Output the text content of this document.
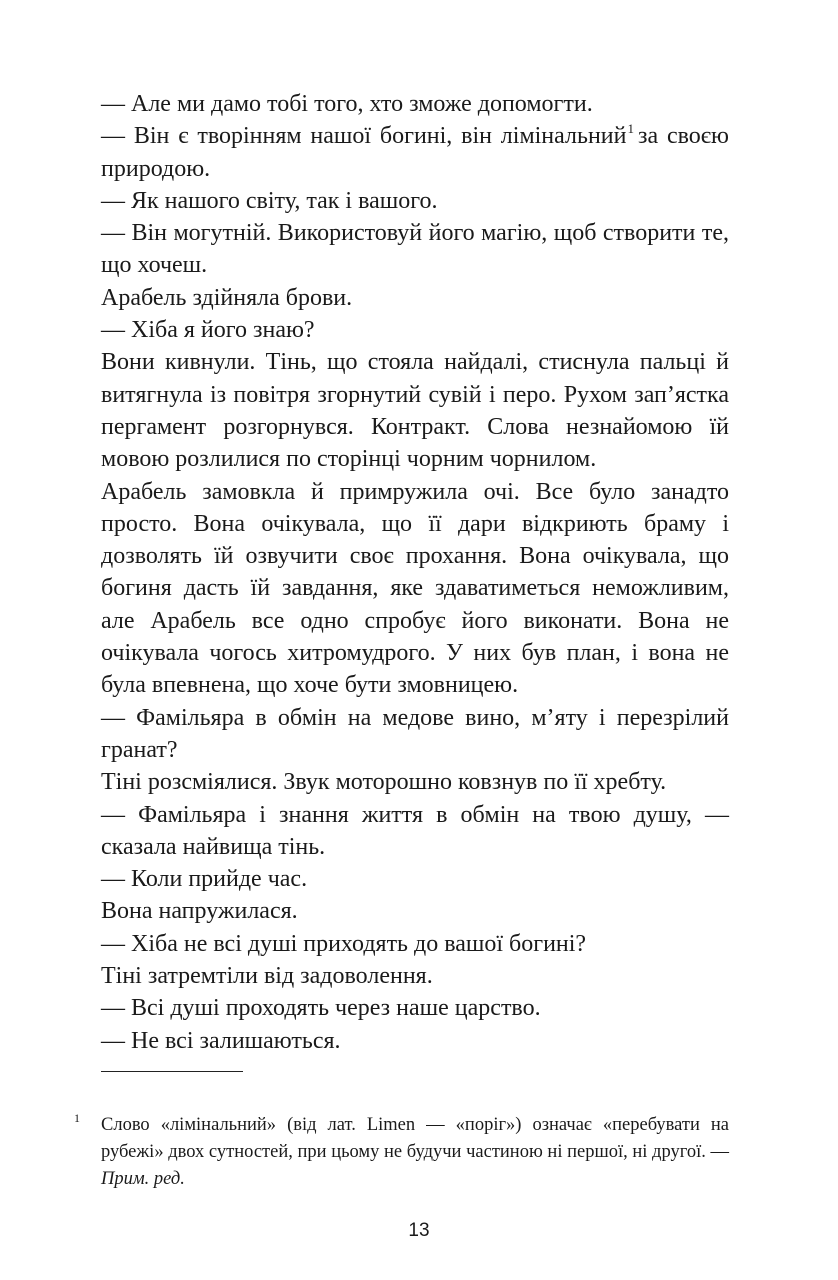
— Але ми дамо тобі того, хто зможе допомогти.

— Він є творінням нашої богині, він лімінальний$^1$ за своєю природою.

— Як нашого світу, так і вашого.

— Він могутній. Використовуй його магію, щоб створити те, що хочеш.

Арабель здійняла брови.

— Хіба я його знаю?

Вони кивнули. Тінь, що стояла найдалі, стиснула пальці й витягнула із повітря згорнутий сувій і перо. Рухом зап’ястка пергамент розгорнувся. Контракт. Слова незнайомою їй мовою розлилися по сторінці чорним чорнилом.

Арабель замовкла й примружила очі. Все було занадто просто. Вона очікувала, що її дари відкриють браму і дозволять їй озвучити своє прохання. Вона очікувала, що богиня дасть їй завдання, яке здаватиметься неможливим, але Арабель все одно спробує його виконати. Вона не очікувала чогось хитромудрого. У них був план, і вона не була впевнена, що хоче бути змовницею.

— Фамільяра в обмін на медове вино, м’яту і перезрілий гранат?

Тіні розсміялися. Звук моторошно ковзнув по її хребту.

— Фамільяра і знання життя в обмін на твою душу, — сказала найвища тінь.

— Коли прийде час.

Вона напружилася.

— Хіба не всі душі приходять до вашої богині?

Тіні затремтіли від задоволення.

— Всі душі проходять через наше царство.

— Не всі залишаються.

1 Слово «лімінальний» (від лат. Limen — «поріг») означає «перебувати на рубежі» двох сутностей, при цьому не будучи частиною ні першої, ні другої. — Прим. ред.
13
